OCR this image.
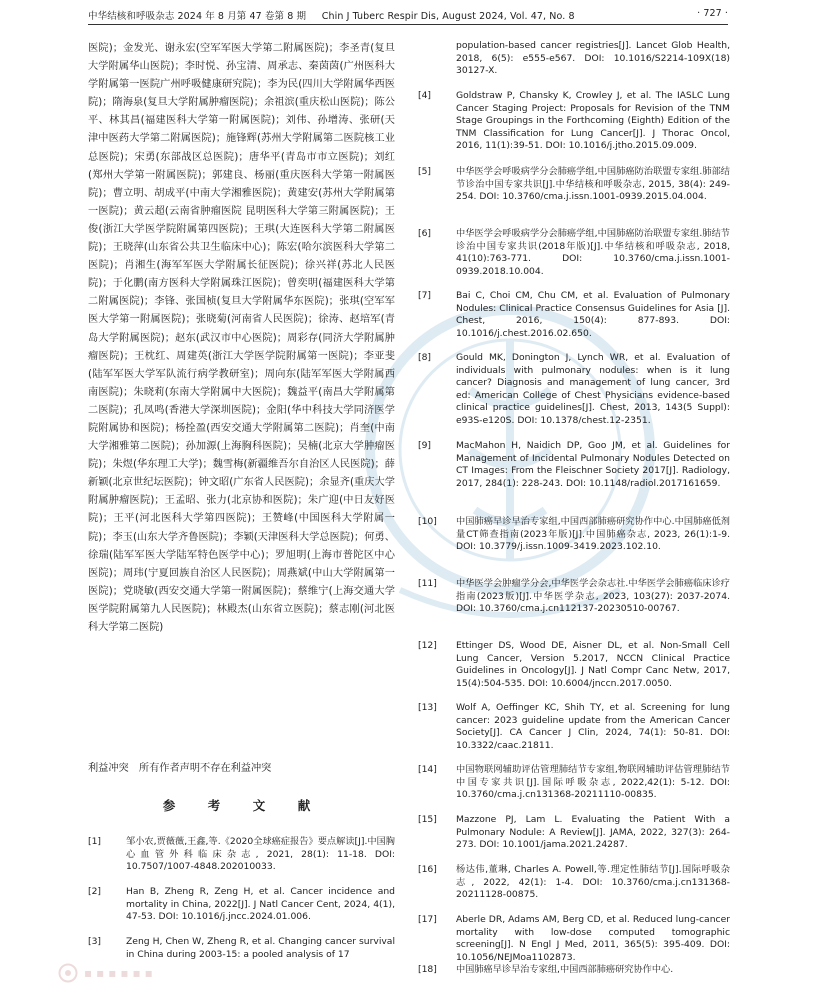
中华结核和呼吸杂志 2024 年 8 月第 47 卷第 8 期 Chin J Tuberc Respir Dis, August 2024, Vol. 47, No. 8	· 727 ·

医院)；金发光、谢永宏(空军军医大学第二附属医院)；李圣青(复旦大学附属华山医院)；李时悦、孙宝清、周承志、秦茵茵(广州医科大学附属第一医院广州呼吸健康研究院)；李为民(四川大学附属华西医院)；隋海泉(复旦大学附属肿瘤医院)；余祖滨(重庆松山医院)；陈公平、林其昌(福建医科大学第一附属医院)；刘伟、孙增涛、张研(天津中医药大学第二附属医院)；施锋辉(苏州大学附属第二医院核工业总医院)；宋勇(东部战区总医院)；唐华平(青岛市市立医院)；刘红(郑州大学第一附属医院)；郭建良、杨丽(重庆医科大学第一附属医院)；曹立明、胡成平(中南大学湘雅医院)；黄建安(苏州大学附属第一医院)；黄云超(云南省肿瘤医院 昆明医科大学第三附属医院)；王俊(浙江大学医学院附属第四医院)；王琪(大连医科大学第二附属医院)；王晓萍(山东省公共卫生临床中心)；陈宏(哈尔滨医科大学第二医院)；肖湘生(海军军医大学附属长征医院)；徐兴祥(苏北人民医院)；于化鹏(南方医科大学附属珠江医院)；曾奕明(福建医科大学第二附属医院)；李锋、张国桢(复旦大学附属华东医院)；张琪(空军军医大学第一附属医院)；张晓菊(河南省人民医院)；徐涛、赵培军(青岛大学附属医院)；赵东(武汉市中心医院)；周彩存(同济大学附属肿瘤医院)；王枕红、周建英(浙江大学医学院附属第一医院)；李亚斐(陆军军医大学军队流行病学教研室)；周向东(陆军军医大学附属西南医院)；朱晓莉(东南大学附属中大医院)；魏益平(南昌大学附属第二医院)；孔凤鸣(香港大学深圳医院)；金阳(华中科技大学同济医学院附属协和医院)；杨拴盈(西安交通大学附属第二医院)；肖奎(中南大学湘雅第二医院)；孙加源(上海胸科医院)；吴楠(北京大学肿瘤医院)；朱煜(华东理工大学)；魏雪梅(新疆维吾尔自治区人民医院)；薛新颖(北京世纪坛医院)；钟文昭(广东省人民医院)；余显齐(重庆大学附属肿瘤医院)；王孟昭、张力(北京协和医院)；朱广迎(中日友好医院)；王平(河北医科大学第四医院)；王赞峰(中国医科大学附属一院)；李玉(山东大学齐鲁医院)；李颖(天津医科大学总医院)；何勇、徐瑞(陆军军医大学陆军特色医学中心)；罗旭明(上海市普陀区中心医院)；周玮(宁夏回族自治区人民医院)；周燕斌(中山大学附属第一医院)；党晓敏(西安交通大学第一附属医院)；蔡维宁(上海交通大学医学院附属第九人民医院)；林殿杰(山东省立医院)；蔡志刚(河北医科大学第二医院)

利益冲突　所有作者声明不存在利益冲突

参　考　文　献
[1]	邹小农,贾薇薇,王鑫,等.《2020全球癌症报告》要点解读[J].中国胸心血管外科临床杂志, 2021, 28(1): 11-18. DOI: 10.7507/1007-4848.202010033.
[2]	Han B, Zheng R, Zeng H, et al. Cancer incidence and mortality in China, 2022[J]. J Natl Cancer Cent, 2024, 4(1), 47-53. DOI: 10.1016/j.jncc.2024.01.006.
[3]	Zeng H, Chen W, Zheng R, et al. Changing cancer survival in China during 2003-15: a pooled analysis of 17
population-based cancer registries[J]. Lancet Glob Health, 2018, 6(5): e555-e567. DOI: 10.1016/S2214-109X(18) 30127-X.
[4]	Goldstraw P, Chansky K, Crowley J, et al. The IASLC Lung Cancer Staging Project: Proposals for Revision of the TNM Stage Groupings in the Forthcoming (Eighth) Edition of the TNM Classification for Lung Cancer[J]. J Thorac Oncol, 2016, 11(1):39-51. DOI: 10.1016/j.jtho.2015.09.009.
[5]	中华医学会呼吸病学分会肺癌学组,中国肺癌防治联盟专家组.肺部结节诊治中国专家共识[J].中华结核和呼吸杂志, 2015, 38(4): 249-254. DOI: 10.3760/cma.j.issn.1001-0939.2015.04.004.
[6]	中华医学会呼吸病学分会肺癌学组,中国肺癌防治联盟专家组.肺结节诊治中国专家共识(2018年版)[J].中华结核和呼吸杂志, 2018, 41(10):763-771. DOI: 10.3760/cma.j.issn.1001-0939.2018.10.004.
[7]	Bai C, Choi CM, Chu CM, et al. Evaluation of Pulmonary Nodules: Clinical Practice Consensus Guidelines for Asia [J]. Chest, 2016, 150(4): 877-893. DOI: 10.1016/j.chest.2016.02.650.
[8]	Gould MK, Donington J, Lynch WR, et al. Evaluation of individuals with pulmonary nodules: when is it lung cancer? Diagnosis and management of lung cancer, 3rd ed: American College of Chest Physicians evidence-based clinical practice guidelines[J]. Chest, 2013, 143(5 Suppl): e93S-e120S. DOI: 10.1378/chest.12-2351.
[9]	MacMahon H, Naidich DP, Goo JM, et al. Guidelines for Management of Incidental Pulmonary Nodules Detected on CT Images: From the Fleischner Society 2017[J]. Radiology, 2017, 284(1): 228-243. DOI: 10.1148/radiol.2017161659.
[10]	中国肺癌早诊早治专家组,中国西部肺癌研究协作中心.中国肺癌低剂量CT筛查指南(2023年版)[J].中国肺癌杂志, 2023, 26(1):1-9. DOI: 10.3779/j.issn.1009-3419.2023.102.10.
[11]	中华医学会肿瘤学分会,中华医学会杂志社.中华医学会肺癌临床诊疗指南(2023版)[J].中华医学杂志, 2023, 103(27): 2037-2074. DOI: 10.3760/cma.j.cn112137-20230510-00767.
[12]	Ettinger DS, Wood DE, Aisner DL, et al. Non-Small Cell Lung Cancer, Version 5.2017, NCCN Clinical Practice Guidelines in Oncology[J]. J Natl Compr Canc Netw, 2017, 15(4):504-535. DOI: 10.6004/jnccn.2017.0050.
[13]	Wolf A, Oeffinger KC, Shih TY, et al. Screening for lung cancer: 2023 guideline update from the American Cancer Society[J]. CA Cancer J Clin, 2024, 74(1): 50-81. DOI: 10.3322/caac.21811.
[14]	中国物联网辅助评估管理肺结节专家组,物联网辅助评估管理肺结节中国专家共识[J].国际呼吸杂志, 2022,42(1): 5-12. DOI: 10.3760/cma.j.cn131368-20211110-00835.
[15]	Mazzone PJ, Lam L. Evaluating the Patient With a Pulmonary Nodule: A Review[J]. JAMA, 2022, 327(3): 264-273. DOI: 10.1001/jama.2021.24287.
[16]	杨达伟,董琳, Charles A. Powell,等.理定性肺结节[J].国际呼吸杂志, 2022, 42(1): 1-4. DOI: 10.3760/cma.j.cn131368-20211128-00875.
[17]	Aberle DR, Adams AM, Berg CD, et al. Reduced lung-cancer mortality with low-dose computed tomographic screening[J]. N Engl J Med, 2011, 365(5): 395-409. DOI: 10.1056/NEJMoa1102873.
[18]	中国肺癌早诊早治专家组,中国西部肺癌研究协作中心.
▪▪▪▪▪▪
